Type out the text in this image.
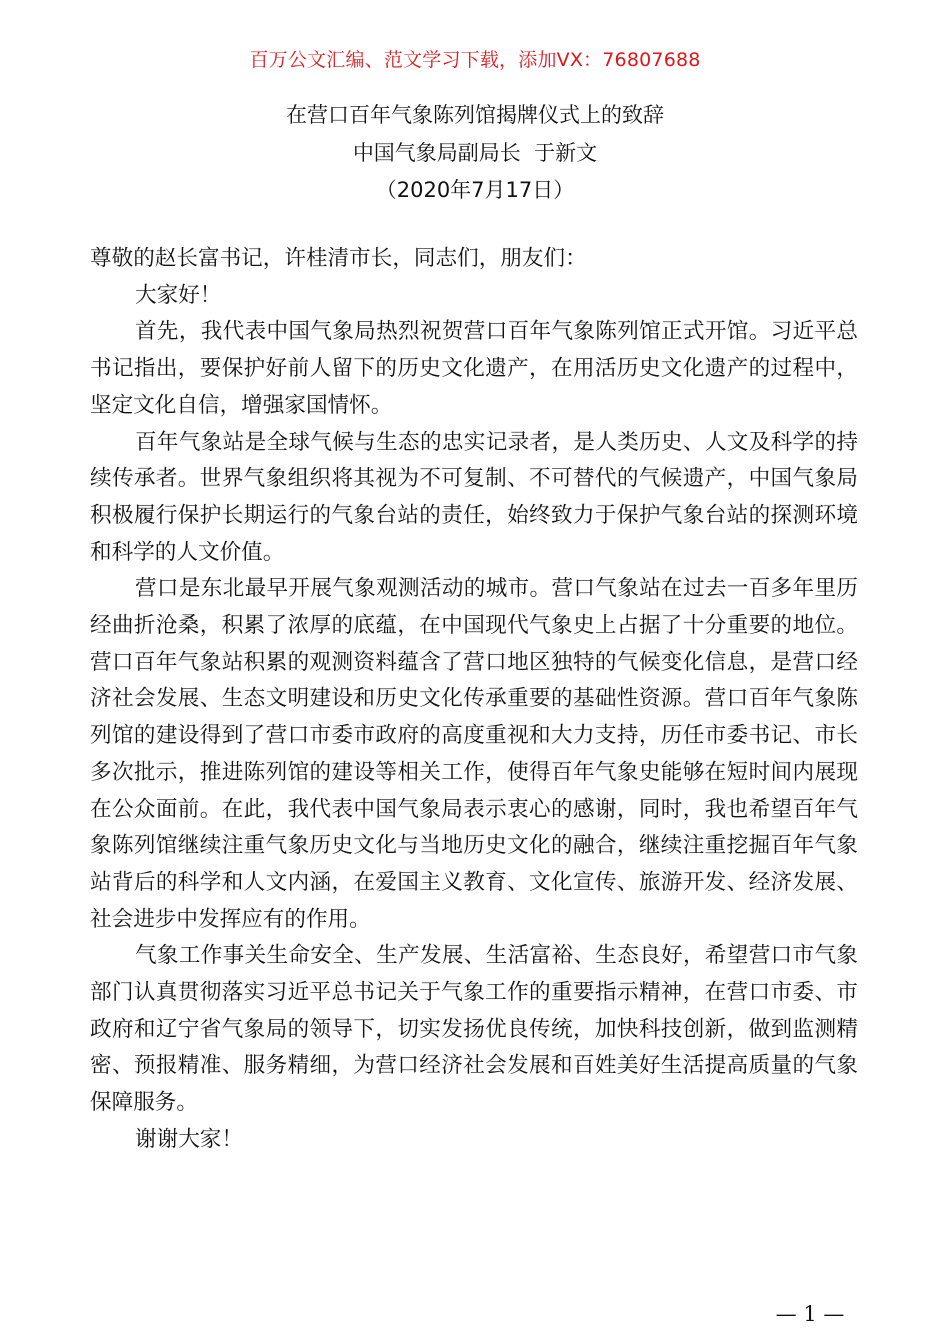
百万公文汇编、范文学习下载，添加VX：76807688
在营口百年气象陈列馆揭牌仪式上的致辞
中国气象局副局长  于新文
（2020年7月17日）

尊敬的赵长富书记，许桂清市长，同志们，朋友们：

大家好！

首先，我代表中国气象局热烈祝贺营口百年气象陈列馆正式开馆。习近平总书记指出，要保护好前人留下的历史文化遗产，在用活历史文化遗产的过程中，坚定文化自信，增强家国情怀。

百年气象站是全球气候与生态的忠实记录者，是人类历史、人文及科学的持续传承者。世界气象组织将其视为不可复制、不可替代的气候遗产，中国气象局积极履行保护长期运行的气象台站的责任，始终致力于保护气象台站的探测环境和科学的人文价值。

营口是东北最早开展气象观测活动的城市。营口气象站在过去一百多年里历经曲折沧桑，积累了浓厚的底蕴，在中国现代气象史上占据了十分重要的地位。营口百年气象站积累的观测资料蕴含了营口地区独特的气候变化信息，是营口经济社会发展、生态文明建设和历史文化传承重要的基础性资源。营口百年气象陈列馆的建设得到了营口市委市政府的高度重视和大力支持，历任市委书记、市长多次批示，推进陈列馆的建设等相关工作，使得百年气象史能够在短时间内展现在公众面前。在此，我代表中国气象局表示衷心的感谢，同时，我也希望百年气象陈列馆继续注重气象历史文化与当地历史文化的融合，继续注重挖掘百年气象站背后的科学和人文内涵，在爱国主义教育、文化宣传、旅游开发、经济发展、社会进步中发挥应有的作用。

气象工作事关生命安全、生产发展、生活富裕、生态良好，希望营口市气象部门认真贯彻落实习近平总书记关于气象工作的重要指示精神，在营口市委、市政府和辽宁省气象局的领导下，切实发扬优良传统，加快科技创新，做到监测精密、预报精准、服务精细，为营口经济社会发展和百姓美好生活提高质量的气象保障服务。

谢谢大家！

— 1 —
